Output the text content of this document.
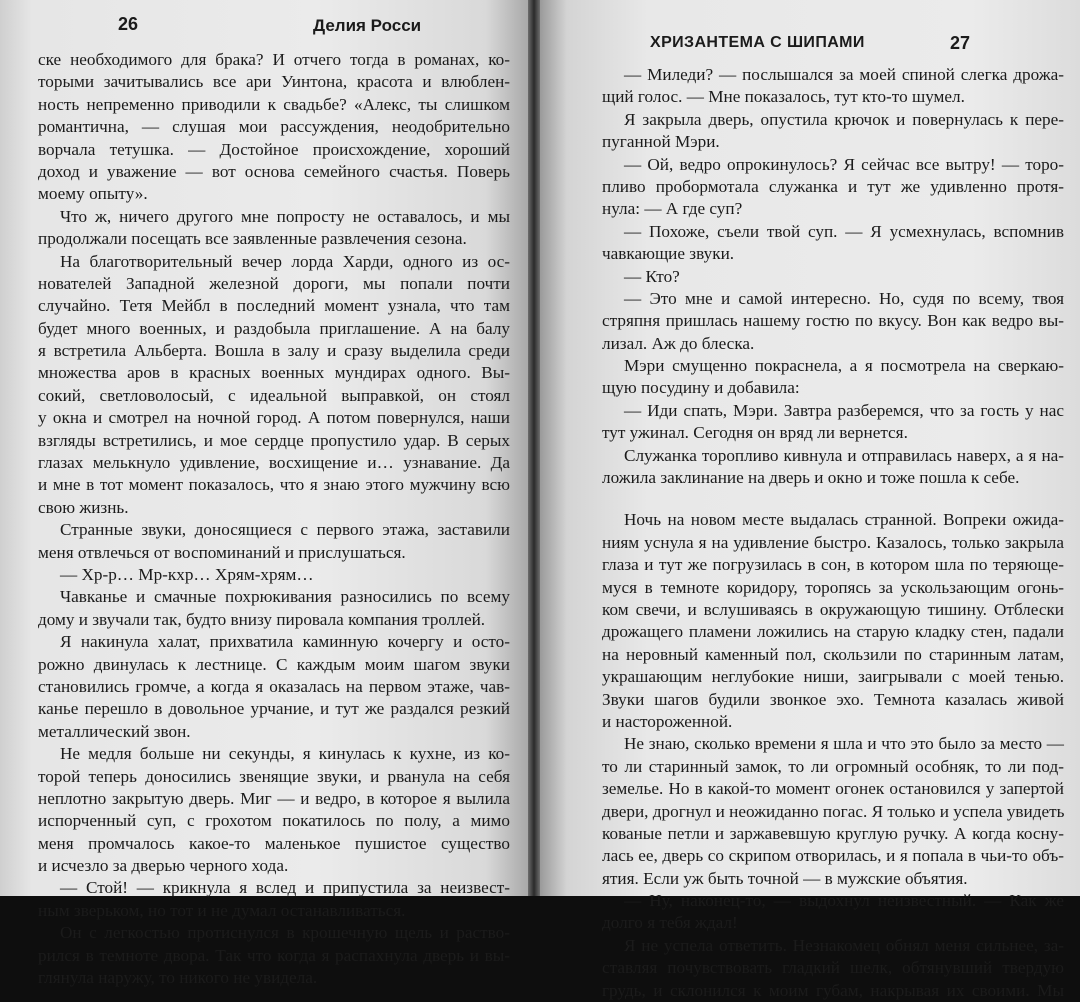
26	Делия Росси
ске необходимого для брака? И отчего тогда в романах, ко-
торыми зачитывались все ари Уинтона, красота и влюблен-
ность непременно приводили к свадьбе? «Алекс, ты слишком
романтична, — слушая мои рассуждения, неодобрительно
ворчала тетушка. — Достойное происхождение, хороший
доход и уважение — вот основа семейного счастья. Поверь
моему опыту».
Что ж, ничего другого мне попросту не оставалось, и мы
продолжали посещать все заявленные развлечения сезона.
На благотворительный вечер лорда Харди, одного из ос-
нователей Западной железной дороги, мы попали почти
случайно. Тетя Мейбл в последний момент узнала, что там
будет много военных, и раздобыла приглашение. А на балу
я встретила Альберта. Вошла в залу и сразу выделила среди
множества аров в красных военных мундирах одного. Вы-
сокий, светловолосый, с идеальной выправкой, он стоял
у окна и смотрел на ночной город. А потом повернулся, наши
взгляды встретились, и мое сердце пропустило удар. В серых
глазах мелькнуло удивление, восхищение и… узнавание. Да
и мне в тот момент показалось, что я знаю этого мужчину всю
свою жизнь.
Странные звуки, доносящиеся с первого этажа, заставили
меня отвлечься от воспоминаний и прислушаться.
— Хр-р… Мр-кхр… Хрям-хрям…
Чавканье и смачные похрюкивания разносились по всему
дому и звучали так, будто внизу пировала компания троллей.
Я накинула халат, прихватила каминную кочергу и осто-
рожно двинулась к лестнице. С каждым моим шагом звуки
становились громче, а когда я оказалась на первом этаже, чав-
канье перешло в довольное урчание, и тут же раздался резкий
металлический звон.
Не медля больше ни секунды, я кинулась к кухне, из ко-
торой теперь доносились звенящие звуки, и рванула на себя
неплотно закрытую дверь. Миг — и ведро, в которое я вылила
испорченный суп, с грохотом покатилось по полу, а мимо
меня промчалось какое-то маленькое пушистое существо
и исчезло за дверью черного хода.
— Стой! — крикнула я вслед и припустила за неизвест-
ным зверьком, но тот и не думал останавливаться.
Он с легкостью протиснулся в крошечную щель и раство-
рился в темноте двора. Так что когда я распахнула дверь и вы-
глянула наружу, то никого не увидела.
ХРИЗАНТЕМА С ШИПАМИ	27
— Миледи? — послышался за моей спиной слегка дрожа-
щий голос. — Мне показалось, тут кто-то шумел.
Я закрыла дверь, опустила крючок и повернулась к пере-
пуганной Мэри.
— Ой, ведро опрокинулось? Я сейчас все вытру! — торо-
пливо пробормотала служанка и тут же удивленно протя-
нула: — А где суп?
— Похоже, съели твой суп. — Я усмехнулась, вспомнив
чавкающие звуки.
— Кто?
— Это мне и самой интересно. Но, судя по всему, твоя
стряпня пришлась нашему гостю по вкусу. Вон как ведро вы-
лизал. Аж до блеска.
Мэри смущенно покраснела, а я посмотрела на сверкаю-
щую посудину и добавила:
— Иди спать, Мэри. Завтра разберемся, что за гость у нас
тут ужинал. Сегодня он вряд ли вернется.
Служанка торопливо кивнула и отправилась наверх, а я на-
ложила заклинание на дверь и окно и тоже пошла к себе.
Ночь на новом месте выдалась странной. Вопреки ожида-
ниям уснула я на удивление быстро. Казалось, только закрыла
глаза и тут же погрузилась в сон, в котором шла по теряюще-
муся в темноте коридору, торопясь за ускользающим огонь-
ком свечи, и вслушиваясь в окружающую тишину. Отблески
дрожащего пламени ложились на старую кладку стен, падали
на неровный каменный пол, скользили по старинным латам,
украшающим неглубокие ниши, заигрывали с моей тенью.
Звуки шагов будили звонкое эхо. Темнота казалась живой
и настороженной.
Не знаю, сколько времени я шла и что это было за место —
то ли старинный замок, то ли огромный особняк, то ли под-
земелье. Но в какой-то момент огонек остановился у запертой
двери, дрогнул и неожиданно погас. Я только и успела увидеть
кованые петли и заржавевшую круглую ручку. А когда косну-
лась ее, дверь со скрипом отворилась, и я попала в чьи-то объ-
ятия. Если уж быть точной — в мужские объятия.
— Ну, наконец-то, — выдохнул неизвестный. — Как же
долго я тебя ждал!
Я не успела ответить. Незнакомец обнял меня сильнее, за-
ставляя почувствовать гладкий шелк, обтянувший твердую
грудь, и склонился к моим губам, накрывая их своими. Мы
